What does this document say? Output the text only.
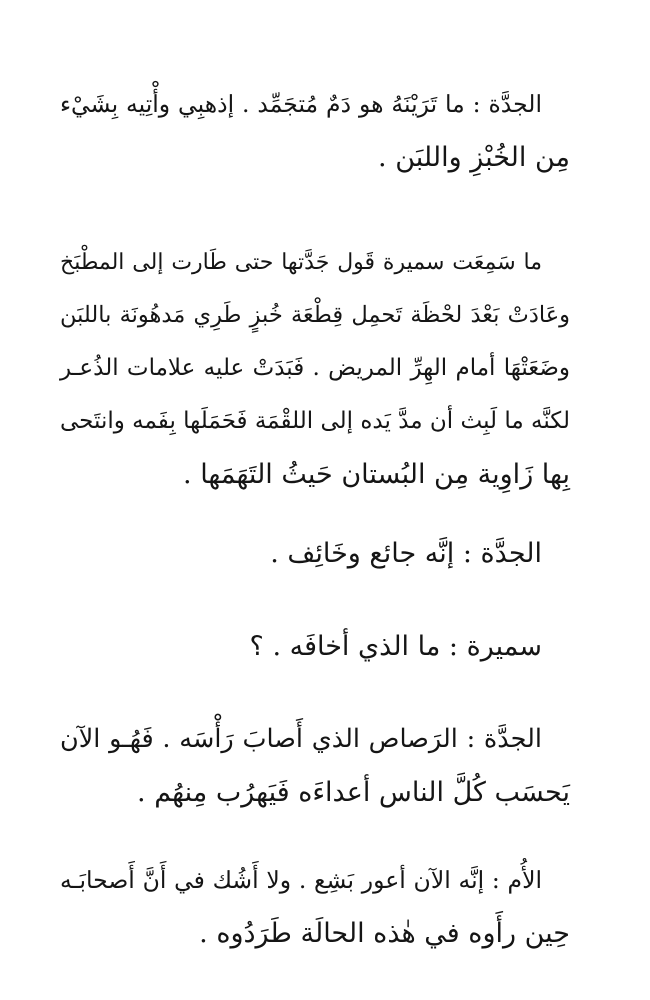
الجدَّة : ما تَرَيْنَهُ هو دَمٌ مُتجَمِّد . إذهبِي وأْتِيه بِشَيْء
مِن الخُبْزِ واللبَن .
ما سَمِعَت سميرة قَول جَدَّتها حتى طَارت إلى المطْبَخ
وعَادَتْ بَعْدَ لحْظَة تَحمِل قِطْعَة خُبزٍ طَرِي مَدهُونَة باللبَن
وضَعَتْهَا أمام الهِرِّ المريض . فَبَدَتْ عليه علامات الذُعـر
لكنَّه ما لَبِث أن مدَّ يَده إلى اللقْمَة فَحَمَلَها بِفَمه وانتَحى
بِها زَاوِية مِن البُستان حَيثُ التَهَمَها .
الجدَّة : إنَّه جائع وخَائِف .
سميرة : ما الذي أخافَه . ؟
الجدَّة : الرَصاص الذي أَصابَ رَأْسَه . فَهُـو الآن
يَحسَب كُلَّ الناس أعداءَه فَيَهرُب مِنهُم .
الأُم : إنَّه الآن أعور بَشِع . ولا أَشُك في أَنَّ أَصحابَـه
حِين رأَوه في هٰذه الحالَة طَرَدُوه .
